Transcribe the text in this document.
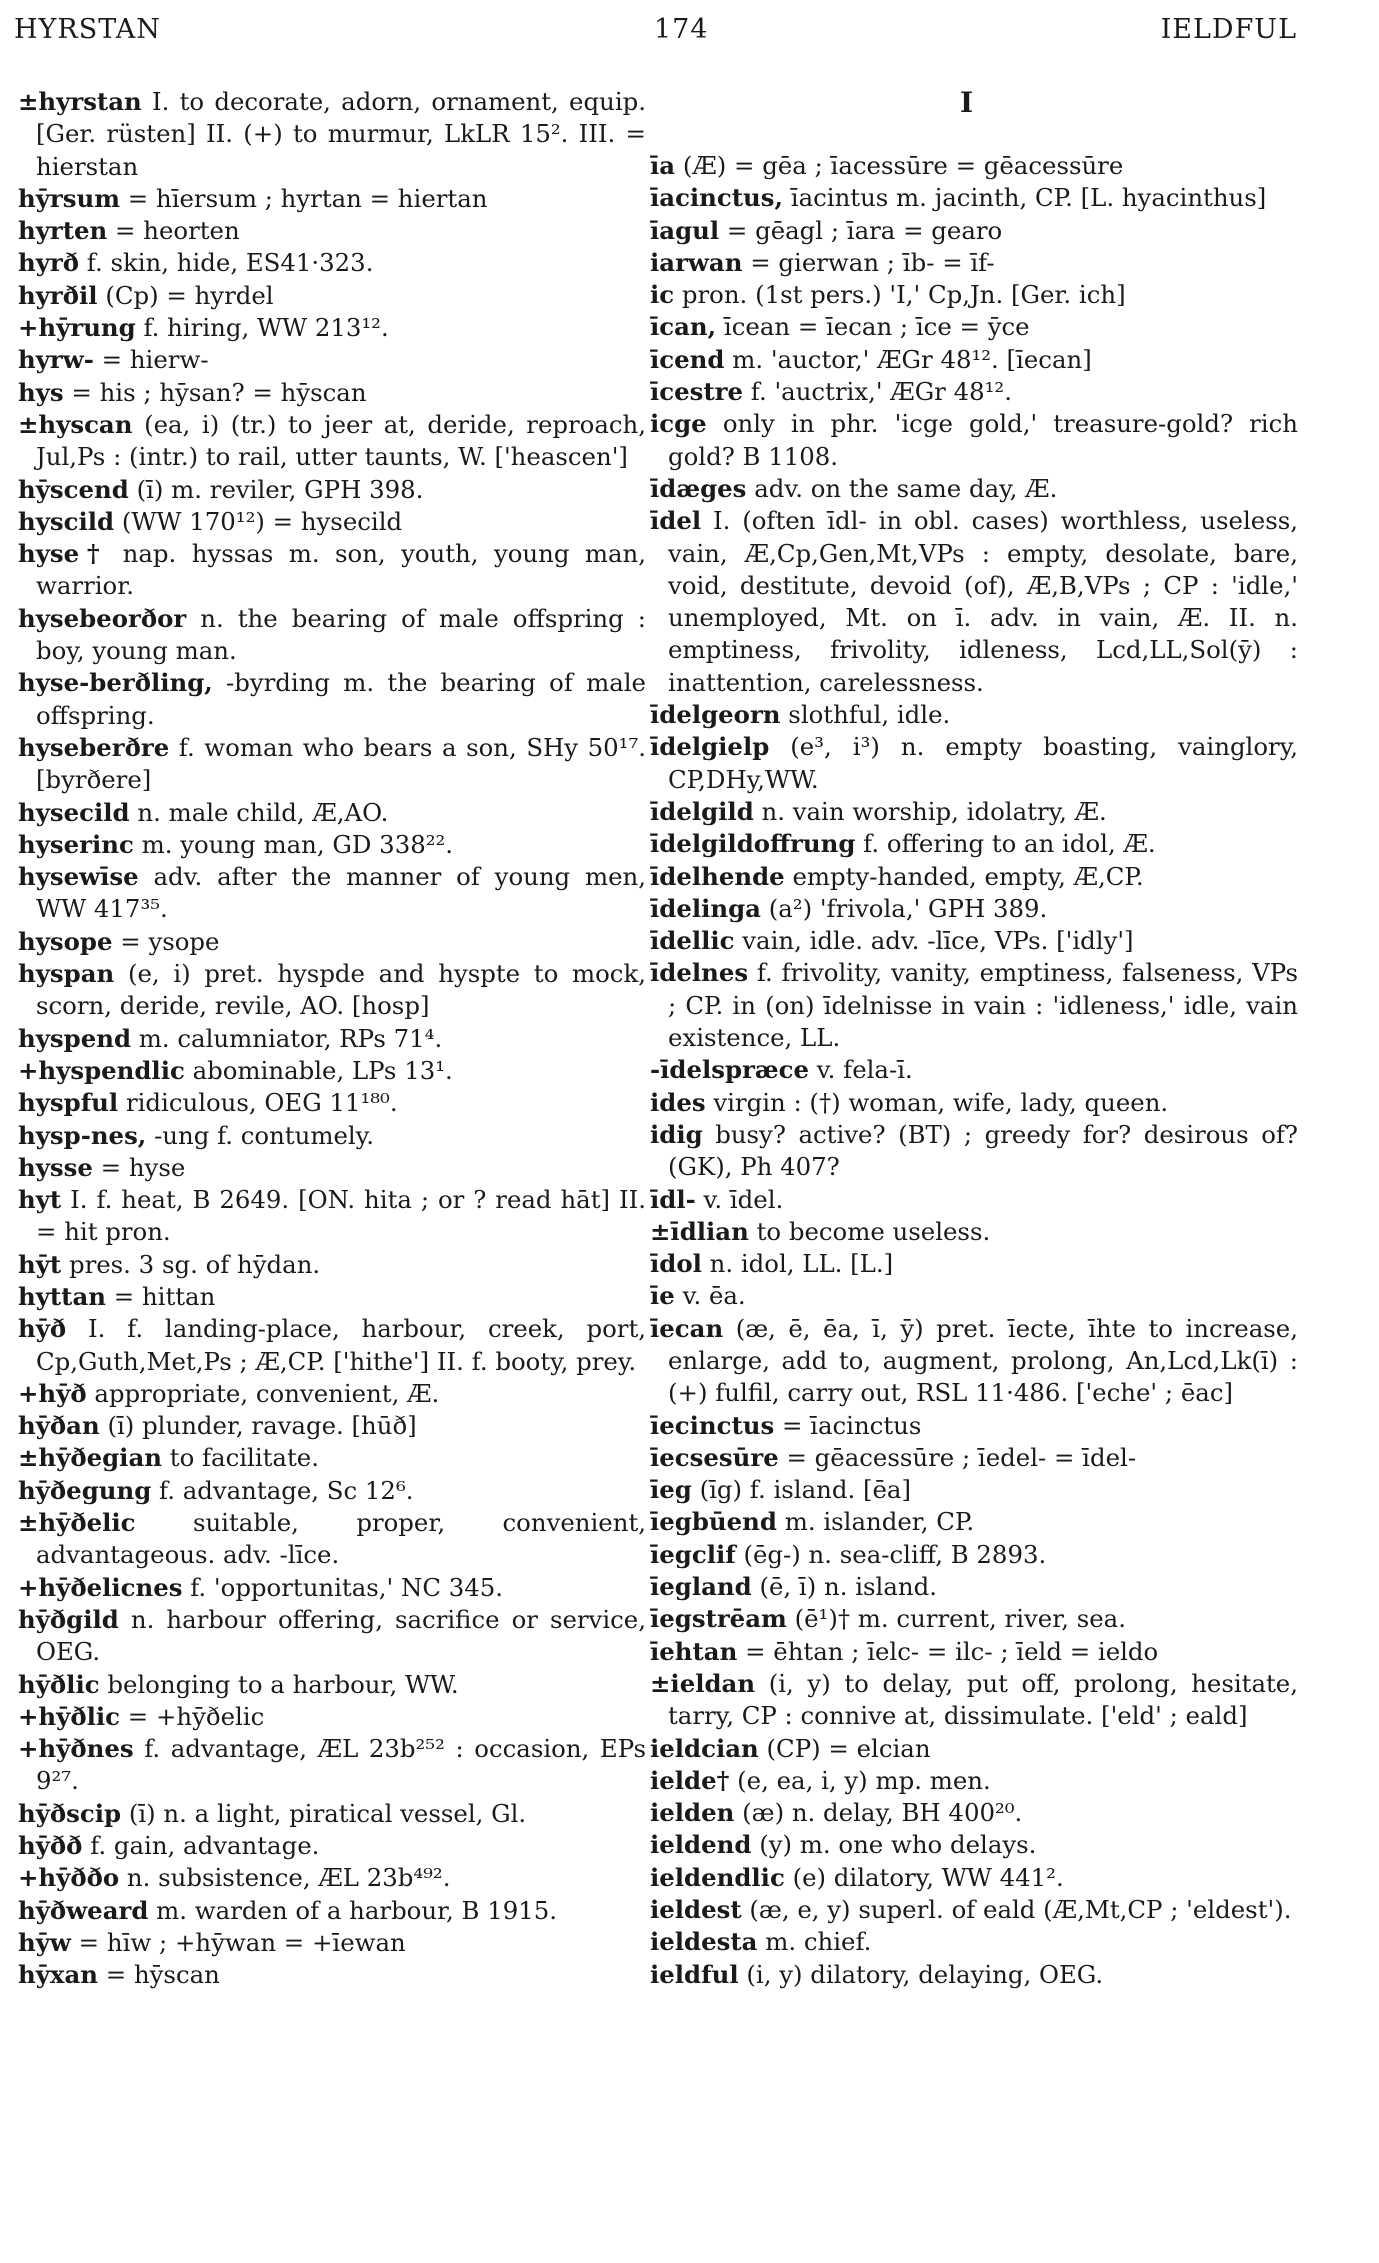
HYRSTAN	174	IELDFUL
I
±hyrstan I. to decorate, adorn, ornament, equip. [Ger. rüsten] II. (+) to murmur, LkLR 15². III. = hierstan
hȳrsum = hīersum ; hyrtan = hiertan
hyrten = heorten
hyrð f. skin, hide, ES41·323.
hyrðil (Cp) = hyrdel
+hȳrung f. hiring, WW 213¹².
hyrw- = hierw-
hys = his ; hȳsan? = hȳscan
±hyscan (ea, i) (tr.) to jeer at, deride, reproach, Jul,Ps : (intr.) to rail, utter taunts, W. ['heascen']
hȳscend (ī) m. reviler, GPH 398.
hyscild (WW 170¹²) = hysecild
hyse† nap. hyssas m. son, youth, young man, warrior.
hysebeorðor n. the bearing of male offspring : boy, young man.
hyse-berðling, -byrding m. the bearing of male offspring.
hyseberðre f. woman who bears a son, SHy 50¹⁷. [byrðere]
hysecild n. male child, Æ,AO.
hyserinc m. young man, GD 338²².
hysewīse adv. after the manner of young men, WW 417³⁵.
hysope = ysope
hyspan (e, i) pret. hyspde and hyspte to mock, scorn, deride, revile, AO. [hosp]
hyspend m. calumniator, RPs 71⁴.
+hyspendlic abominable, LPs 13¹.
hyspful ridiculous, OEG 11¹⁸⁰.
hysp-nes, -ung f. contumely.
hysse = hyse
hyt I. f. heat, B 2649. [ON. hita ; or ? read hāt] II. = hit pron.
hȳt pres. 3 sg. of hȳdan.
hyttan = hittan
hȳð I. f. landing-place, harbour, creek, port, Cp,Guth,Met,Ps ; Æ,CP. ['hithe'] II. f. booty, prey.
+hȳð appropriate, convenient, Æ.
hȳðan (ī) plunder, ravage. [hūð]
±hȳðegian to facilitate.
hȳðegung f. advantage, Sc 12⁶.
±hȳðelic suitable, proper, convenient, advantageous. adv. -līce.
+hȳðelicnes f. 'opportunitas,' NC 345.
hȳðgild n. harbour offering, sacrifice or service, OEG.
hȳðlic belonging to a harbour, WW.
+hȳðlic = +hȳðelic
+hȳðnes f. advantage, ÆL 23b²⁵² : occasion, EPs 9²⁷.
hȳðscip (ī) n. a light, piratical vessel, Gl.
hȳðð f. gain, advantage.
+hȳððo n. subsistence, ÆL 23b⁴⁹².
hȳðweard m. warden of a harbour, B 1915.
hȳw = hīw ; +hȳwan = +īewan
hȳxan = hȳscan
īa (Æ) = gēa ; īacessūre = gēacessūre
īacinctus, īacintus m. jacinth, CP. [L. hyacinthus]
īagul = gēagl ; īara = gearo
iarwan = gierwan ; īb- = īf-
ic pron. (1st pers.) 'I,' Cp,Jn. [Ger. ich]
īcan, īcean = īecan ; īce = ȳce
īcend m. 'auctor,' ÆGr 48¹². [īecan]
īcestre f. 'auctrix,' ÆGr 48¹².
icge only in phr. 'icge gold,' treasure-gold? rich gold? B 1108.
īdæges adv. on the same day, Æ.
īdel I. (often īdl- in obl. cases) worthless, useless, vain, Æ,Cp,Gen,Mt,VPs : empty, desolate, bare, void, destitute, devoid (of), Æ,B,VPs ; CP : 'idle,' unemployed, Mt. on ī. adv. in vain, Æ. II. n. emptiness, frivolity, idleness, Lcd,LL,Sol(ȳ) : inattention, carelessness.
īdelgeorn slothful, idle.
īdelgielp (e³, i³) n. empty boasting, vainglory, CP,DHy,WW.
īdelgild n. vain worship, idolatry, Æ.
īdelgildoffrung f. offering to an idol, Æ.
īdelhende empty-handed, empty, Æ,CP.
īdelinga (a²) 'frivola,' GPH 389.
īdellic vain, idle. adv. -līce, VPs. ['idly']
īdelnes f. frivolity, vanity, emptiness, falseness, VPs ; CP. in (on) īdelnisse in vain : 'idleness,' idle, vain existence, LL.
-īdelspræce v. fela-ī.
ides virgin : (†) woman, wife, lady, queen.
idig busy? active? (BT) ; greedy for? desirous of? (GK), Ph 407?
īdl- v. īdel.
±īdlian to become useless.
īdol n. idol, LL. [L.]
īe v. ēa.
īecan (æ, ē, ēa, ī, ȳ) pret. īecte, īhte to increase, enlarge, add to, augment, prolong, An,Lcd,Lk(ī) : (+) fulfil, carry out, RSL 11·486. ['eche' ; ēac]
īecinctus = īacinctus
īecsesūre = gēacessūre ; īedel- = īdel-
īeg (īg) f. island. [ēa]
īegbūend m. islander, CP.
īegclif (ēg-) n. sea-cliff, B 2893.
īegland (ē, ī) n. island.
īegstrēam (ē¹)† m. current, river, sea.
īehtan = ēhtan ; īelc- = ilc- ; īeld = ieldo
±ieldan (i, y) to delay, put off, prolong, hesitate, tarry, CP : connive at, dissimulate. ['eld' ; eald]
ieldcian (CP) = elcian
ielde† (e, ea, i, y) mp. men.
ielden (æ) n. delay, BH 400²⁰.
ieldend (y) m. one who delays.
ieldendlic (e) dilatory, WW 441².
ieldest (æ, e, y) superl. of eald (Æ,Mt,CP ; 'eldest').
ieldesta m. chief.
ieldful (i, y) dilatory, delaying, OEG.
